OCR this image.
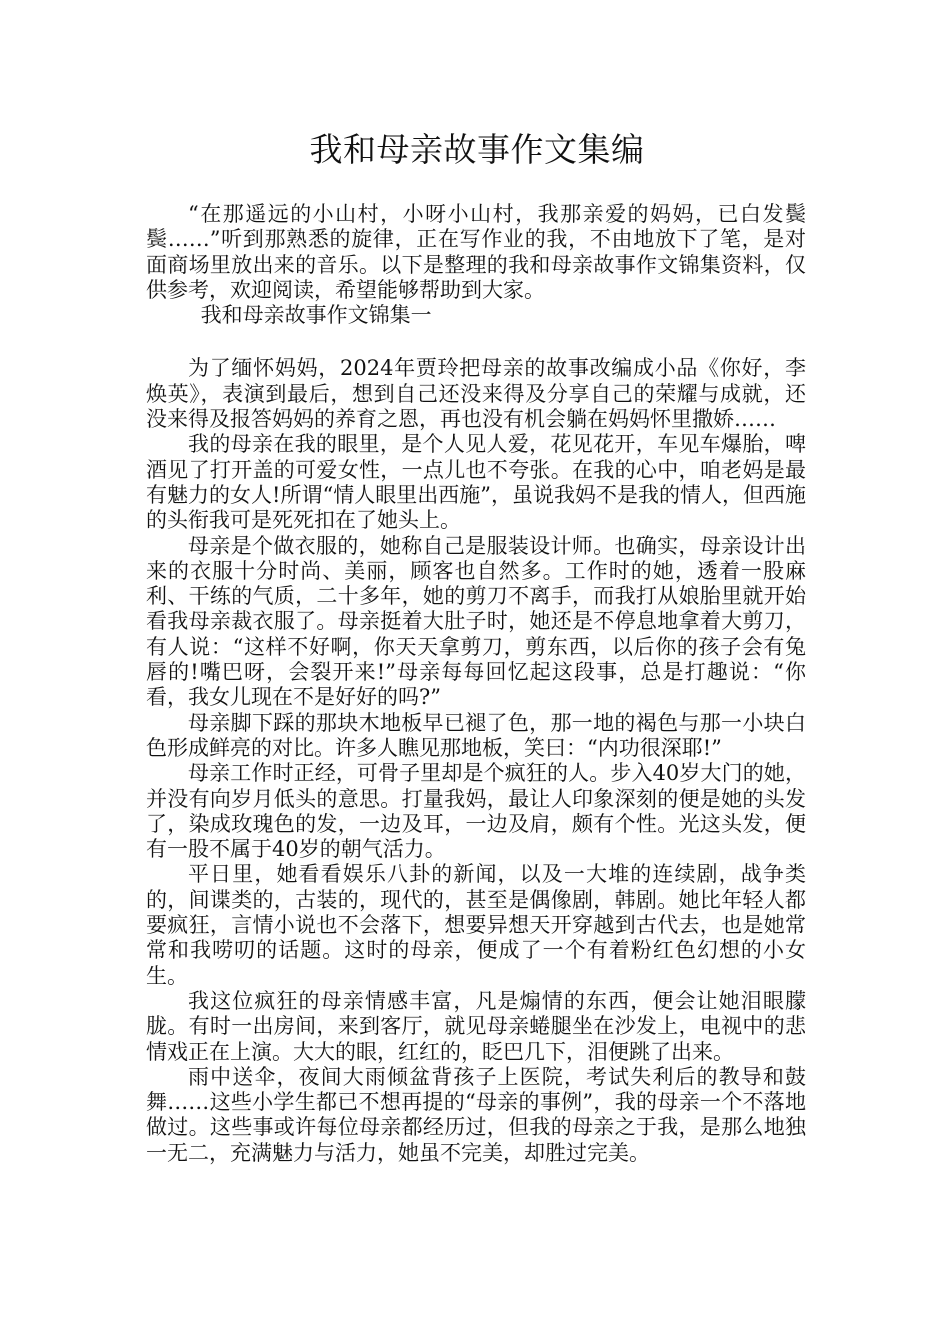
我和母亲故事作文集编

“在那遥远的小山村，小呀小山村，我那亲爱的妈妈，已白发鬓鬓……”听到那熟悉的旋律，正在写作业的我，不由地放下了笔，是对面商场里放出来的音乐。以下是整理的我和母亲故事作文锦集资料，仅供参考，欢迎阅读，希望能够帮助到大家。

我和母亲故事作文锦集一

为了缅怀妈妈，2024年贾玲把母亲的故事改编成小品《你好，李焕英》，表演到最后，想到自己还没来得及分享自己的荣耀与成就，还没来得及报答妈妈的养育之恩，再也没有机会躺在妈妈怀里撒娇……

我的母亲在我的眼里，是个人见人爱，花见花开，车见车爆胎，啤酒见了打开盖的可爱女性，一点儿也不夸张。在我的心中，咱老妈是最有魅力的女人!所谓“情人眼里出西施”，虽说我妈不是我的情人，但西施的头衔我可是死死扣在了她头上。

母亲是个做衣服的，她称自己是服装设计师。也确实，母亲设计出来的衣服十分时尚、美丽，顾客也自然多。工作时的她，透着一股麻利、干练的气质，二十多年，她的剪刀不离手，而我打从娘胎里就开始看我母亲裁衣服了。母亲挺着大肚子时，她还是不停息地拿着大剪刀，有人说：“这样不好啊，你天天拿剪刀，剪东西，以后你的孩子会有兔唇的!嘴巴呀，会裂开来!”母亲每每回忆起这段事，总是打趣说：“你看，我女儿现在不是好好的吗?”

母亲脚下踩的那块木地板早已褪了色，那一地的褐色与那一小块白色形成鲜亮的对比。许多人瞧见那地板，笑曰：“内功很深耶!”

母亲工作时正经，可骨子里却是个疯狂的人。步入40岁大门的她，并没有向岁月低头的意思。打量我妈，最让人印象深刻的便是她的头发了，染成玫瑰色的发，一边及耳，一边及肩，颇有个性。光这头发，便有一股不属于40岁的朝气活力。

平日里，她看看娱乐八卦的新闻，以及一大堆的连续剧，战争类的，间谍类的，古装的，现代的，甚至是偶像剧，韩剧。她比年轻人都要疯狂，言情小说也不会落下，想要异想天开穿越到古代去，也是她常常和我唠叨的话题。这时的母亲，便成了一个有着粉红色幻想的小女生。

我这位疯狂的母亲情感丰富，凡是煽情的东西，便会让她泪眼朦胧。有时一出房间，来到客厅，就见母亲蜷腿坐在沙发上，电视中的悲情戏正在上演。大大的眼，红红的，眨巴几下，泪便跳了出来。

雨中送伞，夜间大雨倾盆背孩子上医院，考试失利后的教导和鼓舞……这些小学生都已不想再提的“母亲的事例”，我的母亲一个不落地做过。这些事或许每位母亲都经历过，但我的母亲之于我，是那么地独一无二，充满魅力与活力，她虽不完美，却胜过完美。
